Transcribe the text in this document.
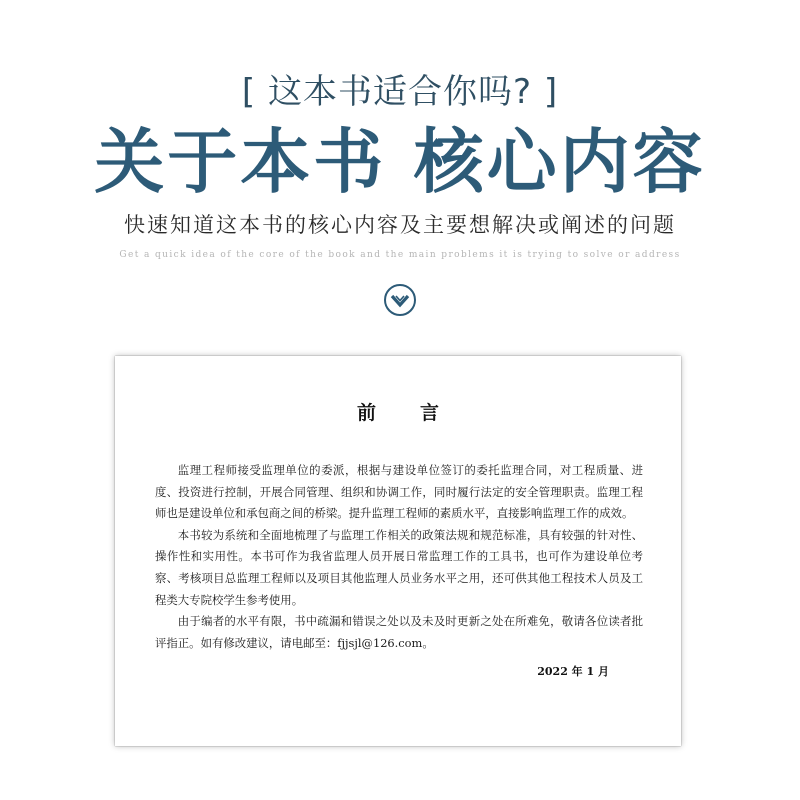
[ 这本书适合你吗? ]
关于本书 核心内容
快速知道这本书的核心内容及主要想解决或阐述的问题
Get a quick idea of the core of the book and the main problems it is trying to solve or address
前言

监理工程师接受监理单位的委派，根据与建设单位签订的委托监理合同，对工程质量、进度、投资进行控制，开展合同管理、组织和协调工作，同时履行法定的安全管理职责。监理工程师也是建设单位和承包商之间的桥梁。提升监理工程师的素质水平，直接影响监理工作的成效。

本书较为系统和全面地梳理了与监理工作相关的政策法规和规范标准，具有较强的针对性、操作性和实用性。本书可作为我省监理人员开展日常监理工作的工具书，也可作为建设单位考察、考核项目总监理工程师以及项目其他监理人员业务水平之用，还可供其他工程技术人员及工程类大专院校学生参考使用。

由于编者的水平有限，书中疏漏和错误之处以及未及时更新之处在所难免，敬请各位读者批评指正。如有修改建议，请电邮至：fjjsjl@126.com。

2022 年 1 月
